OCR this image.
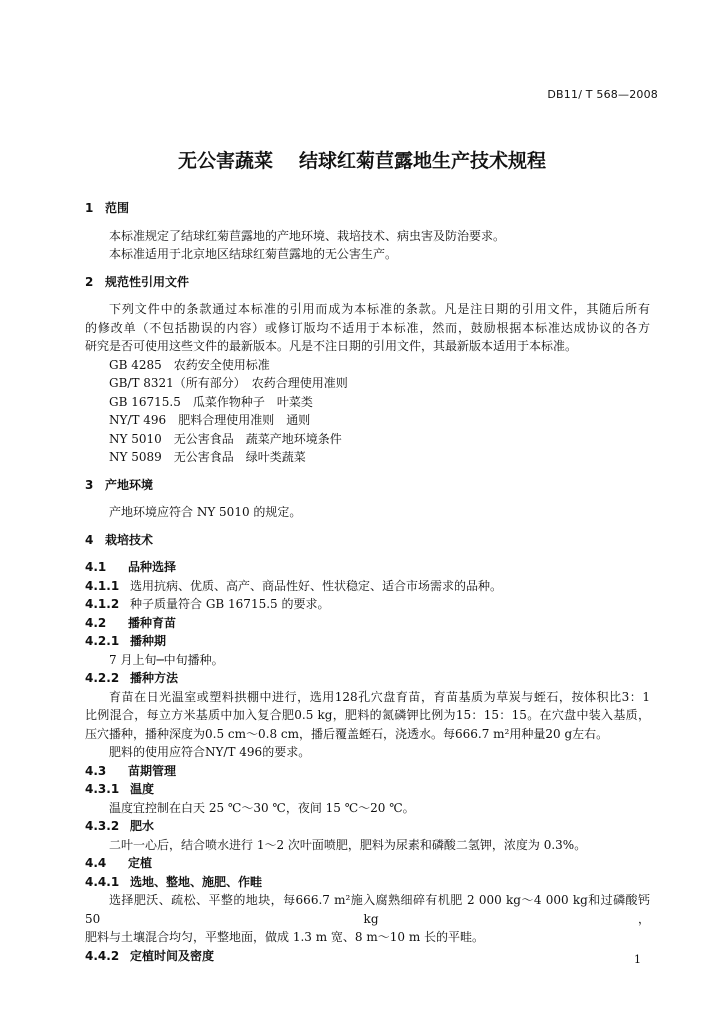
DB11/ T 568—2008
无公害蔬菜 结球红菊苣露地生产技术规程
1 范围
本标准规定了结球红菊苣露地的产地环境、栽培技术、病虫害及防治要求。
本标准适用于北京地区结球红菊苣露地的无公害生产。
2 规范性引用文件
下列文件中的条款通过本标准的引用而成为本标准的条款。凡是注日期的引用文件，其随后所有
的修改单（不包括勘误的内容）或修订版均不适用于本标准，然而，鼓励根据本标准达成协议的各方
研究是否可使用这些文件的最新版本。凡是不注日期的引用文件，其最新版本适用于本标准。
GB 4285　农药安全使用标准
GB/T 8321（所有部分）　农药合理使用准则
GB 16715.5　瓜菜作物种子　叶菜类
NY/T 496　肥料合理使用准则　通则
NY 5010　无公害食品　蔬菜产地环境条件
NY 5089　无公害食品　绿叶类蔬菜
3 产地环境
产地环境应符合 NY 5010 的规定。
4 栽培技术
4.1 品种选择
4.1.1 选用抗病、优质、高产、商品性好、性状稳定、适合市场需求的品种。
4.1.2 种子质量符合 GB 16715.5 的要求。
4.2 播种育苗
4.2.1 播种期
7 月上旬─中旬播种。
4.2.2 播种方法
育苗在日光温室或塑料拱棚中进行，选用128孔穴盘育苗，育苗基质为草炭与蛭石，按体积比3：1
比例混合，每立方米基质中加入复合肥0.5 kg，肥料的氮磷钾比例为15：15：15。在穴盘中装入基质，
压穴播种，播种深度为0.5 cm～0.8 cm，播后覆盖蛭石，浇透水。每666.7 m²用种量20 g左右。
肥料的使用应符合NY/T 496的要求。
4.3 苗期管理
4.3.1 温度
温度宜控制在白天 25 ℃～30 ℃，夜间 15 ℃～20 ℃。
4.3.2 肥水
二叶一心后，结合喷水进行 1～2 次叶面喷肥，肥料为尿素和磷酸二氢钾，浓度为 0.3%。
4.4 定植
4.4.1 选地、整地、施肥、作畦
选择肥沃、疏松、平整的地块，每666.7 m²施入腐熟细碎有机肥 2 000 kg～4 000 kg和过磷酸钙 50 kg，
肥料与土壤混合均匀，平整地面，做成 1.3 m 宽、8 m～10 m 长的平畦。
4.4.2 定植时间及密度	1
